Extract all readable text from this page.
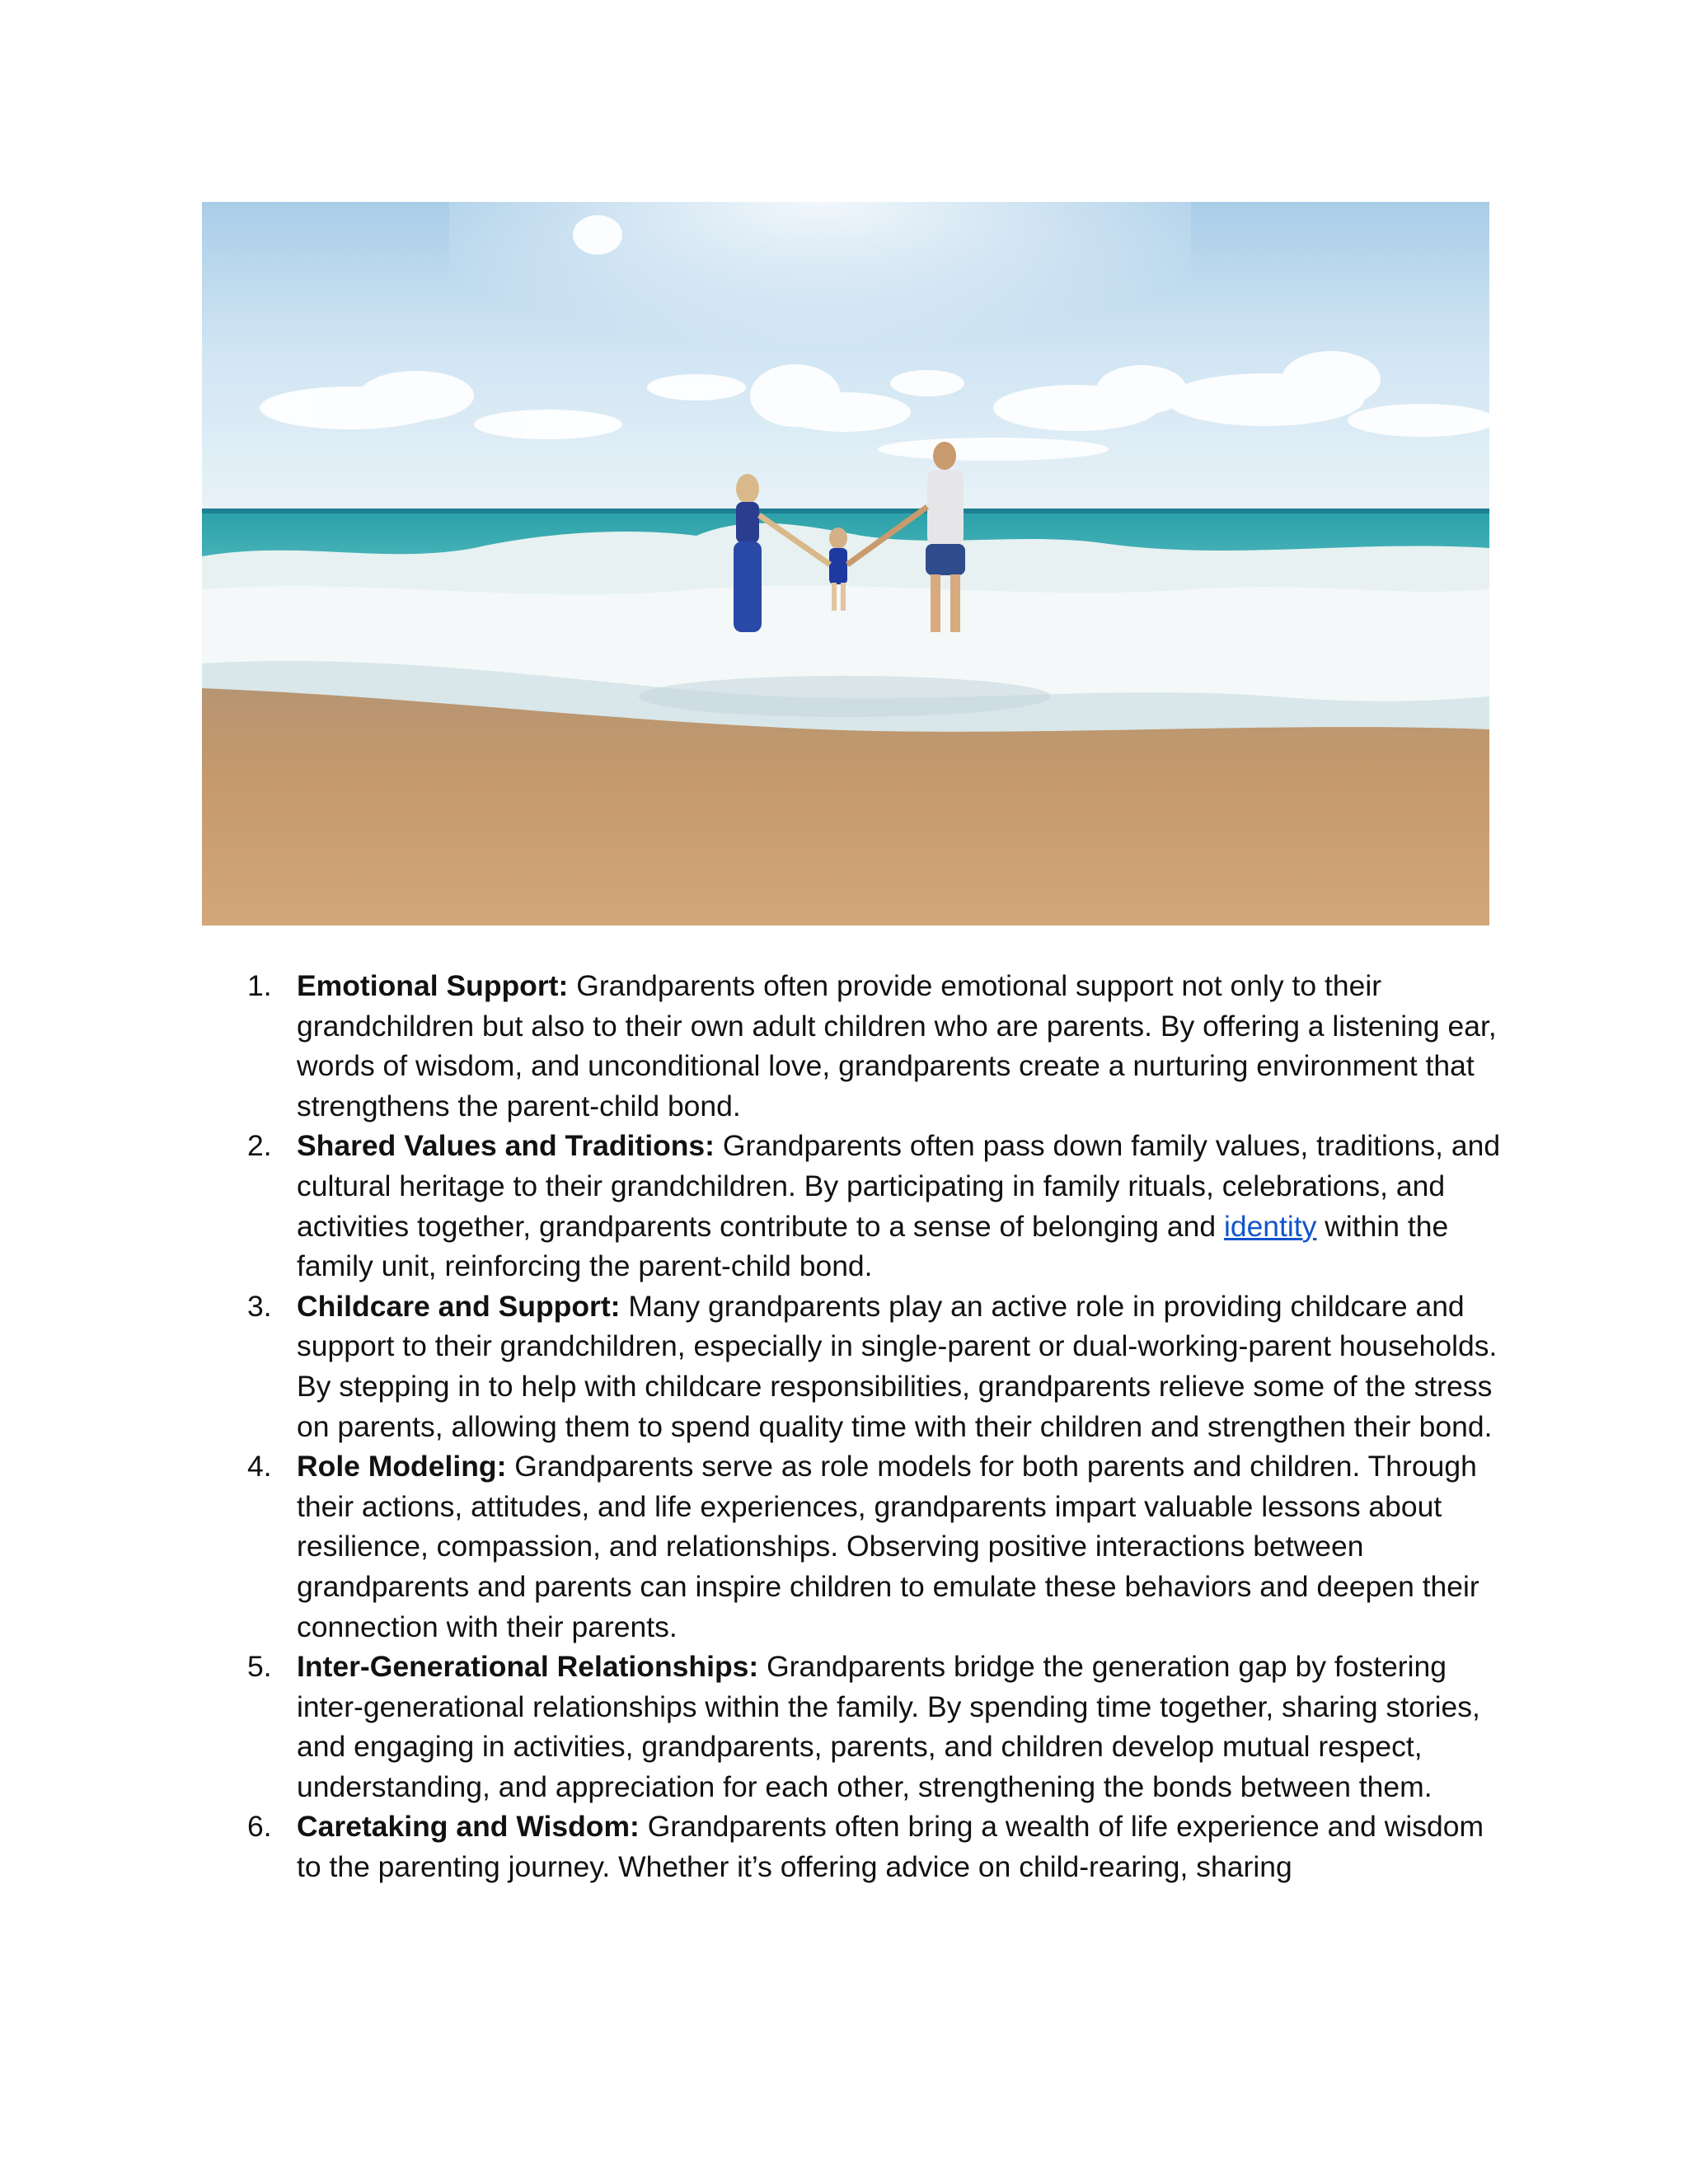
1. Emotional Support: Grandparents often provide emotional support not only to their grandchildren but also to their own adult children who are parents. By offering a listening ear, words of wisdom, and unconditional love, grandparents create a nurturing environment that strengthens the parent-child bond.
2. Shared Values and Traditions: Grandparents often pass down family values, traditions, and cultural heritage to their grandchildren. By participating in family rituals, celebrations, and activities together, grandparents contribute to a sense of belonging and identity within the family unit, reinforcing the parent-child bond.
3. Childcare and Support: Many grandparents play an active role in providing childcare and support to their grandchildren, especially in single-parent or dual-working-parent households. By stepping in to help with childcare responsibilities, grandparents relieve some of the stress on parents, allowing them to spend quality time with their children and strengthen their bond.
4. Role Modeling: Grandparents serve as role models for both parents and children. Through their actions, attitudes, and life experiences, grandparents impart valuable lessons about resilience, compassion, and relationships. Observing positive interactions between grandparents and parents can inspire children to emulate these behaviors and deepen their connection with their parents.
5. Inter-Generational Relationships: Grandparents bridge the generation gap by fostering inter-generational relationships within the family. By spending time together, sharing stories, and engaging in activities, grandparents, parents, and children develop mutual respect, understanding, and appreciation for each other, strengthening the bonds between them.
6. Caretaking and Wisdom: Grandparents often bring a wealth of life experience and wisdom to the parenting journey. Whether it’s offering advice on child-rearing, sharing
